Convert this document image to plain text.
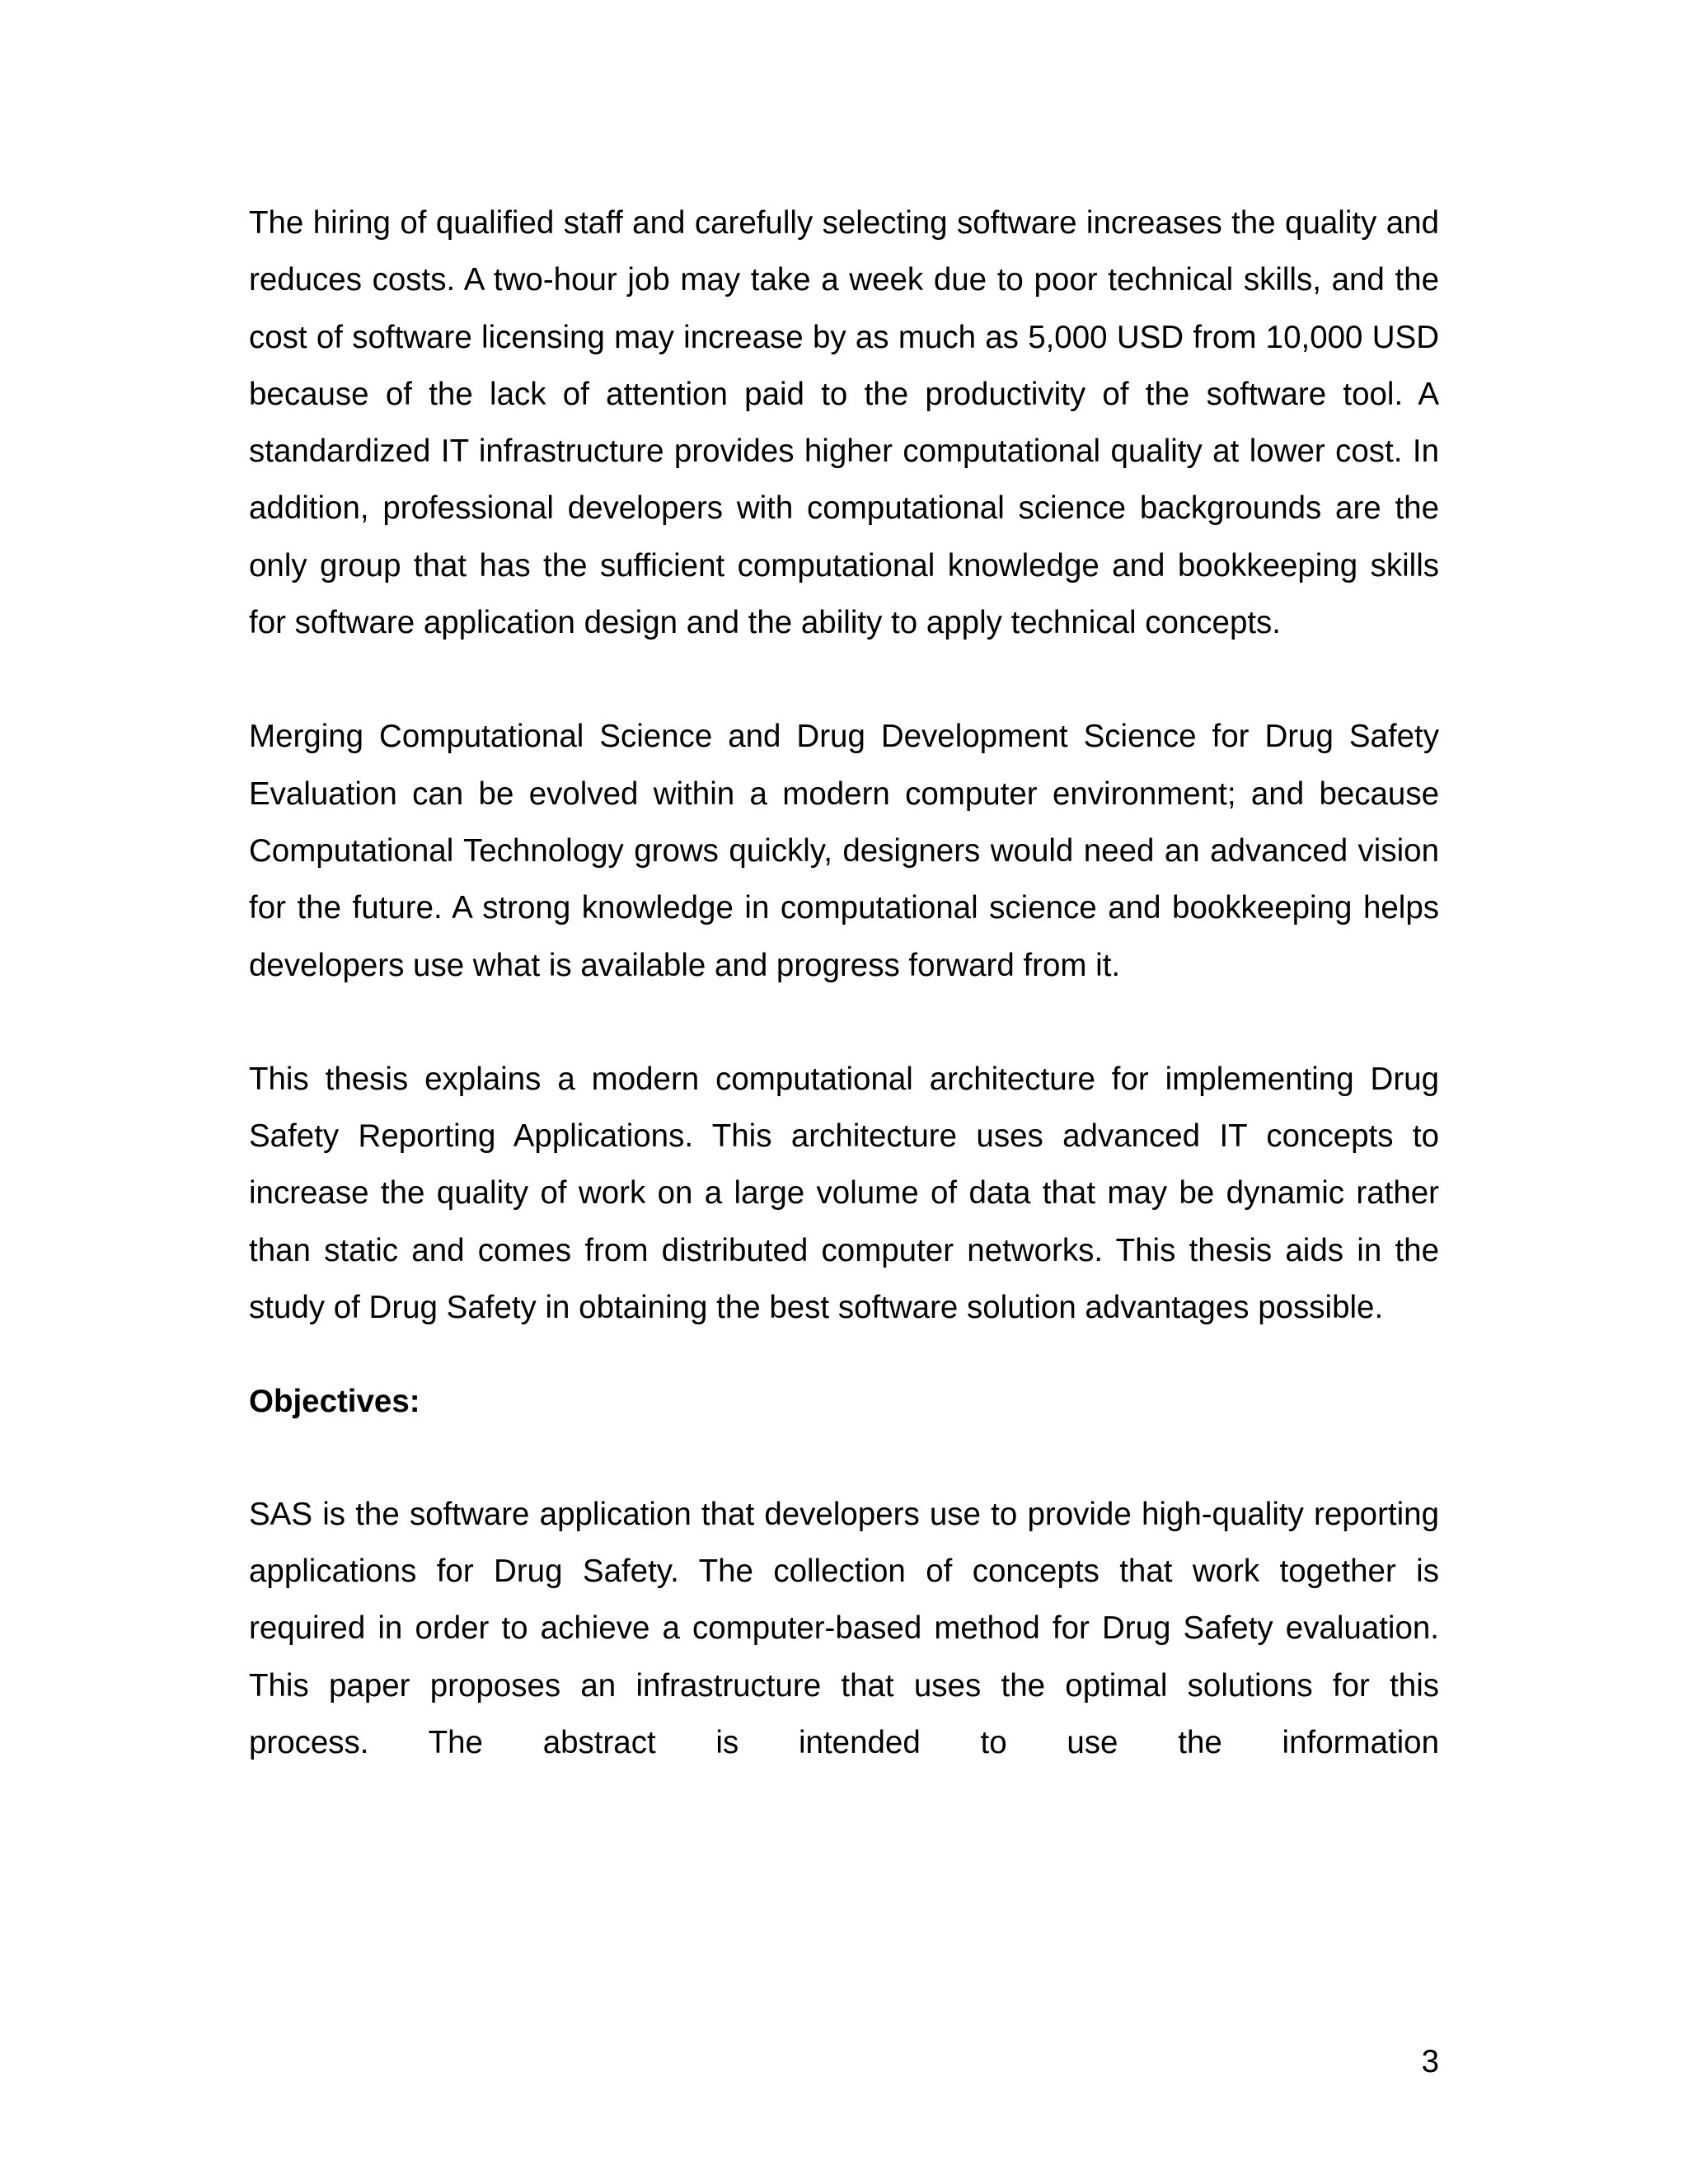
The hiring of qualified staff and carefully selecting software increases the quality and reduces costs. A two-hour job may take a week due to poor technical skills, and the cost of software licensing may increase by as much as 5,000 USD from 10,000 USD because of the lack of attention paid to the productivity of the software tool. A standardized IT infrastructure provides higher computational quality at lower cost. In addition, professional developers with computational science backgrounds are the only group that has the sufficient computational knowledge and bookkeeping skills for software application design and the ability to apply technical concepts.

Merging Computational Science and Drug Development Science for Drug Safety Evaluation can be evolved within a modern computer environment; and because Computational Technology grows quickly, designers would need an advanced vision for the future. A strong knowledge in computational science and bookkeeping helps developers use what is available and progress forward from it.

This thesis explains a modern computational architecture for implementing Drug Safety Reporting Applications. This architecture uses advanced IT concepts to increase the quality of work on a large volume of data that may be dynamic rather than static and comes from distributed computer networks. This thesis aids in the study of Drug Safety in obtaining the best software solution advantages possible.

Objectives:

SAS is the software application that developers use to provide high-quality reporting applications for Drug Safety. The collection of concepts that work together is required in order to achieve a computer-based method for Drug Safety evaluation. This paper proposes an infrastructure that uses the optimal solutions for this process. The abstract is intended to use the information

3
